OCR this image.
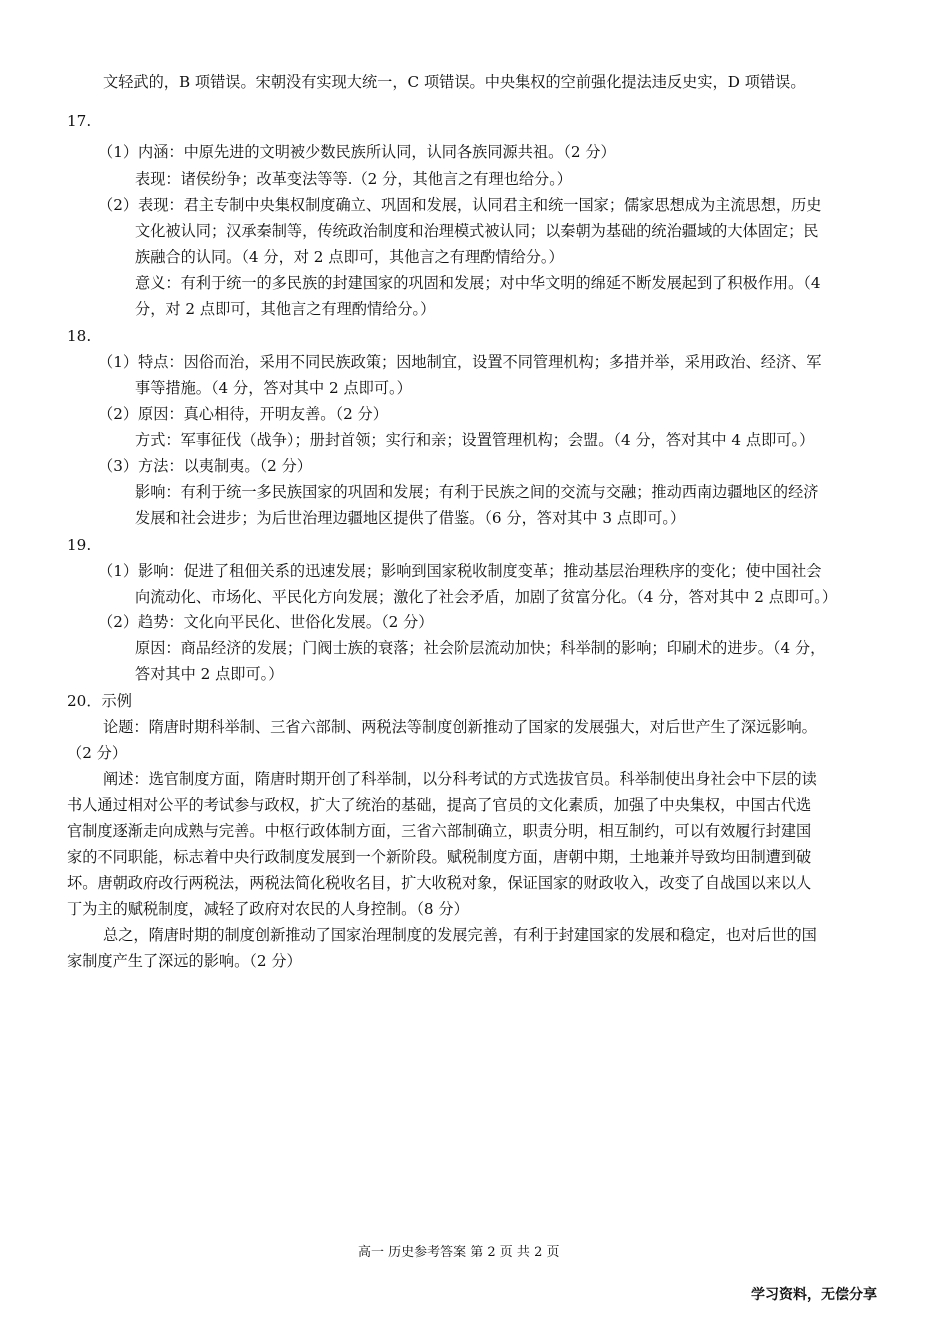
文轻武的，B 项错误。宋朝没有实现大统一，C 项错误。中央集权的空前强化提法违反史实，D 项错误。
17.
（1）内涵：中原先进的文明被少数民族所认同，认同各族同源共祖。（2 分）
表现：诸侯纷争；改革变法等等.（2 分，其他言之有理也给分。）
（2）表现：君主专制中央集权制度确立、巩固和发展，认同君主和统一国家；儒家思想成为主流思想，历史
文化被认同；汉承秦制等，传统政治制度和治理模式被认同；以秦朝为基础的统治疆域的大体固定；民
族融合的认同。（4 分，对 2 点即可，其他言之有理酌情给分。）
意义：有利于统一的多民族的封建国家的巩固和发展；对中华文明的绵延不断发展起到了积极作用。（4
分，对 2 点即可，其他言之有理酌情给分。）
18.
（1）特点：因俗而治，采用不同民族政策；因地制宜，设置不同管理机构；多措并举，采用政治、经济、军
事等措施。（4 分，答对其中 2 点即可。）
（2）原因：真心相待，开明友善。（2 分）
方式：军事征伐（战争）；册封首领；实行和亲；设置管理机构；会盟。（4 分，答对其中 4 点即可。）
（3）方法：以夷制夷。（2 分）
影响：有利于统一多民族国家的巩固和发展；有利于民族之间的交流与交融；推动西南边疆地区的经济
发展和社会进步；为后世治理边疆地区提供了借鉴。（6 分，答对其中 3 点即可。）
19.
（1）影响：促进了租佃关系的迅速发展；影响到国家税收制度变革；推动基层治理秩序的变化；使中国社会
向流动化、市场化、平民化方向发展；激化了社会矛盾，加剧了贫富分化。（4 分，答对其中 2 点即可。）
（2）趋势：文化向平民化、世俗化发展。（2 分）
原因：商品经济的发展；门阀士族的衰落；社会阶层流动加快；科举制的影响；印刷术的进步。（4 分，
答对其中 2 点即可。）
20．示例
论题：隋唐时期科举制、三省六部制、两税法等制度创新推动了国家的发展强大，对后世产生了深远影响。
（2 分）
阐述：选官制度方面，隋唐时期开创了科举制，以分科考试的方式选拔官员。科举制使出身社会中下层的读
书人通过相对公平的考试参与政权，扩大了统治的基础，提高了官员的文化素质，加强了中央集权，中国古代选
官制度逐渐走向成熟与完善。中枢行政体制方面，三省六部制确立，职责分明，相互制约，可以有效履行封建国
家的不同职能，标志着中央行政制度发展到一个新阶段。赋税制度方面，唐朝中期，土地兼并导致均田制遭到破
坏。唐朝政府改行两税法，两税法简化税收名目，扩大收税对象，保证国家的财政收入，改变了自战国以来以人
丁为主的赋税制度，减轻了政府对农民的人身控制。（8 分）
总之，隋唐时期的制度创新推动了国家治理制度的发展完善，有利于封建国家的发展和稳定，也对后世的国
家制度产生了深远的影响。（2 分）
高一 历史参考答案 第 2 页 共 2 页
学习资料，无偿分享
